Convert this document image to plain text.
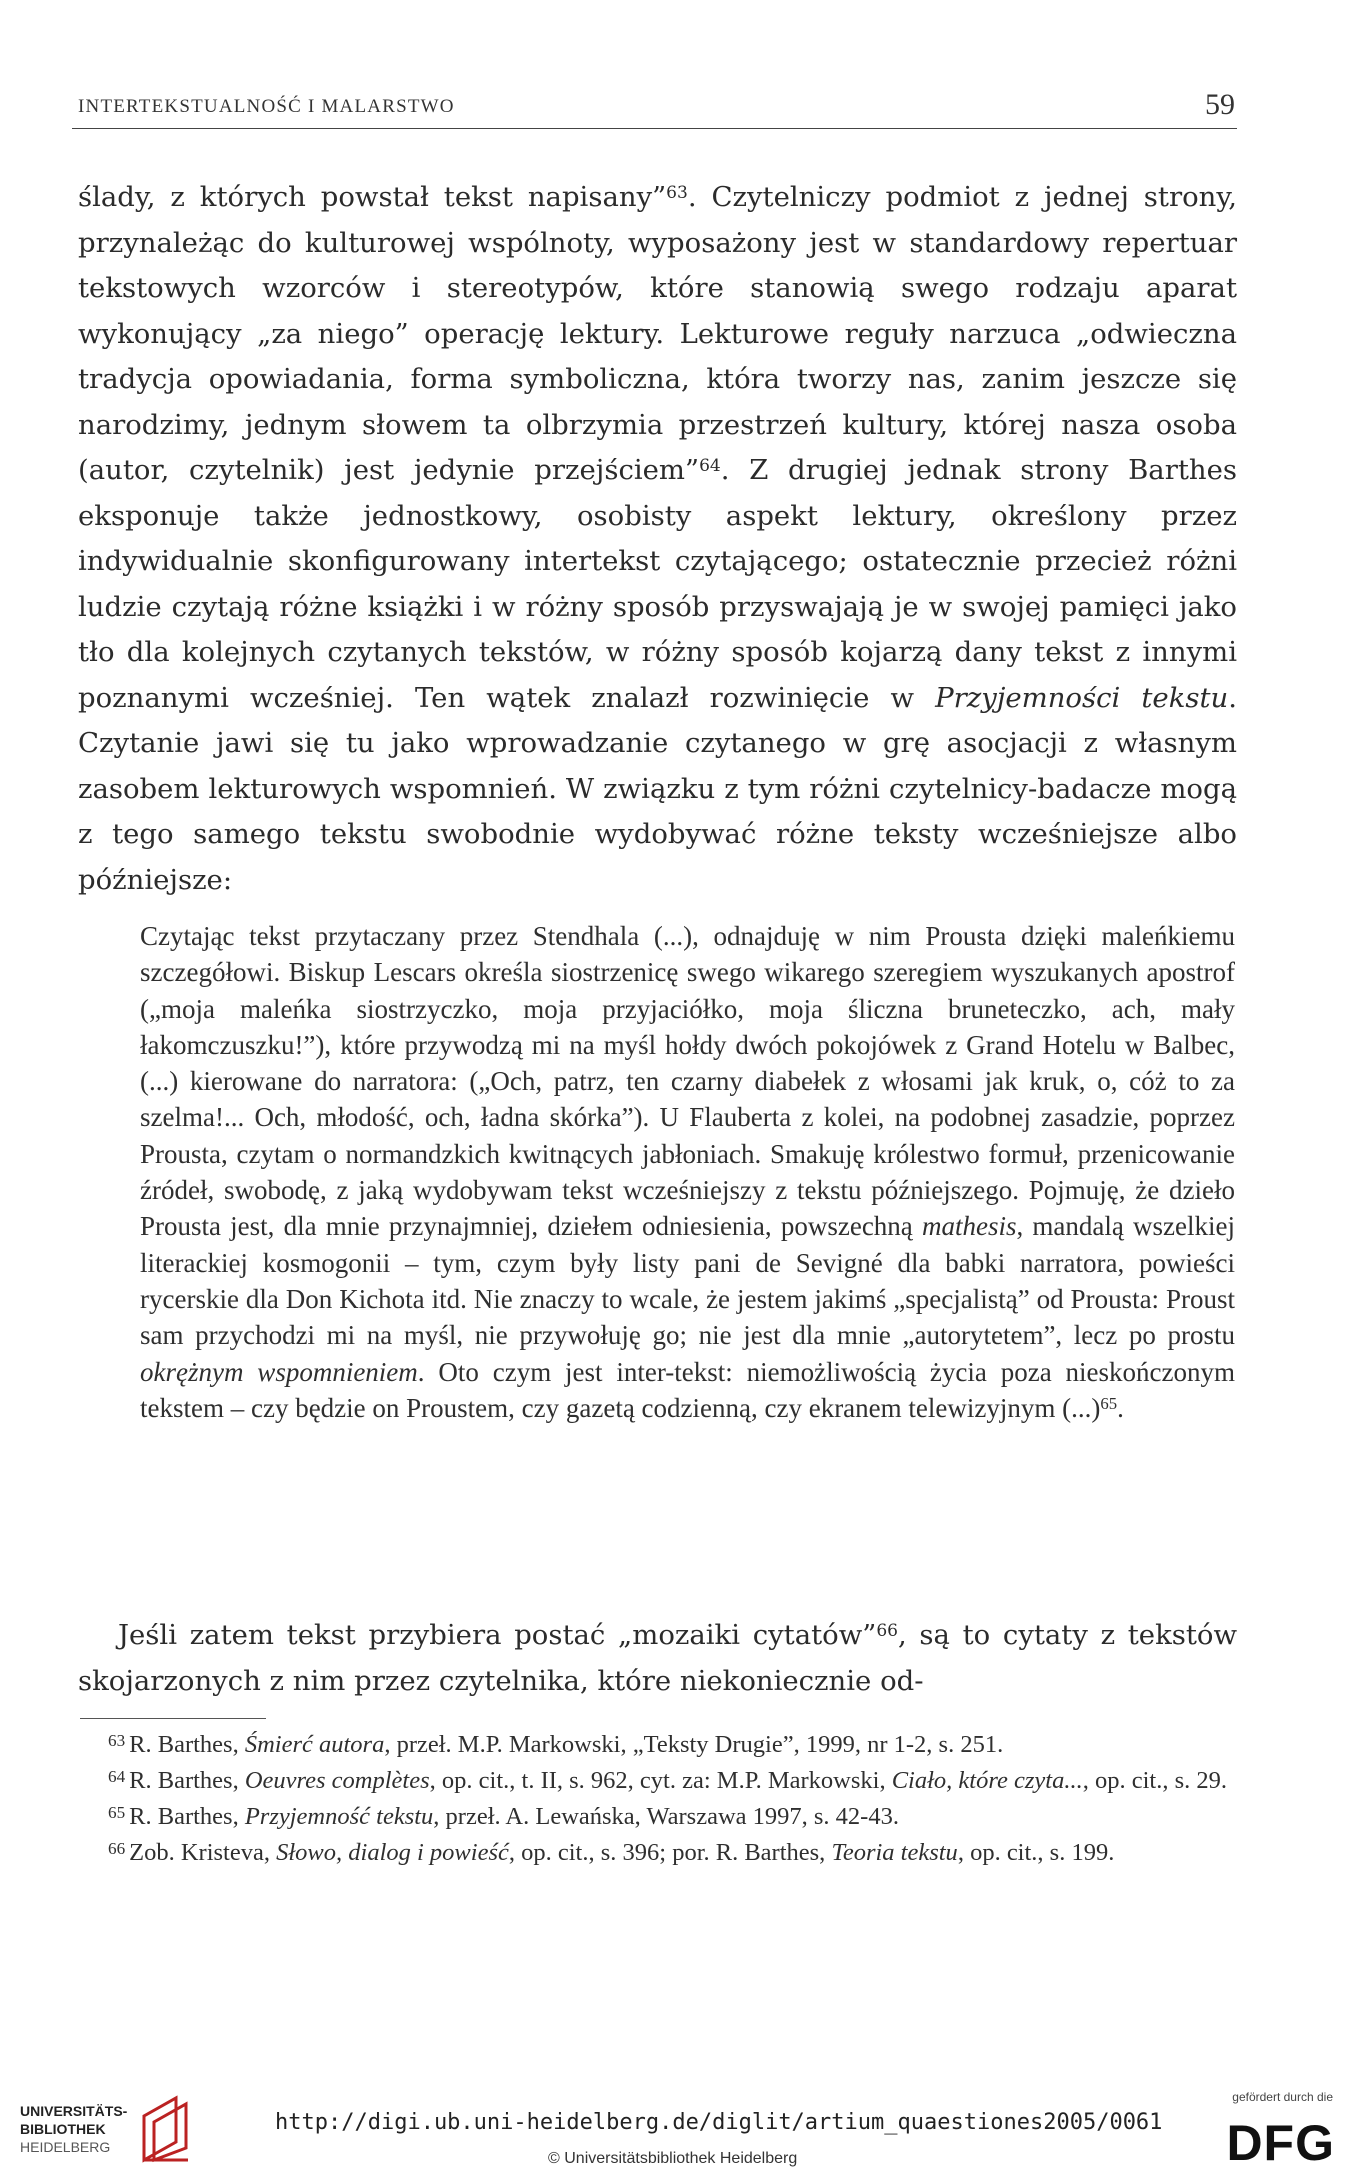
INTERTEKSTUALNOŚĆ I MALARSTWO	59

ślady, z których powstał tekst napisany”$^{63}$. Czytelniczy podmiot z jednej strony, przynależąc do kulturowej wspólnoty, wyposażony jest w standardowy repertuar tekstowych wzorców i stereotypów, które stanowią swego rodzaju aparat wykonujący „za niego” operację lektury. Lekturowe reguły narzuca „odwieczna tradycja opowiadania, forma symboliczna, która tworzy nas, zanim jeszcze się narodzimy, jednym słowem ta olbrzymia przestrzeń kultury, której nasza osoba (autor, czytelnik) jest jedynie przejściem”$^{64}$. Z drugiej jednak strony Barthes eksponuje także jednostkowy, osobisty aspekt lektury, określony przez indywidualnie skonfigurowany intertekst czytającego; ostatecznie przecież różni ludzie czytają różne książki i w różny sposób przyswajają je w swojej pamięci jako tło dla kolejnych czytanych tekstów, w różny sposób kojarzą dany tekst z innymi poznanymi wcześniej. Ten wątek znalazł rozwinięcie w Przyjemności tekstu. Czytanie jawi się tu jako wprowadzanie czytanego w grę asocjacji z własnym zasobem lekturowych wspomnień. W związku z tym różni czytelnicy-badacze mogą z tego samego tekstu swobodnie wydobywać różne teksty wcześniejsze albo późniejsze:

Czytając tekst przytaczany przez Stendhala (...), odnajduję w nim Prousta dzięki maleńkiemu szczegółowi. Biskup Lescars określa siostrzenicę swego wikarego szeregiem wyszukanych apostrof („moja maleńka siostrzyczko, moja przyjaciółko, moja śliczna bruneteczko, ach, mały łakomczuszku!”), które przywodzą mi na myśl hołdy dwóch pokojówek z Grand Hotelu w Balbec, (...) kierowane do narratora: („Och, patrz, ten czarny diabełek z włosami jak kruk, o, cóż to za szelma!... Och, młodość, och, ładna skórka”). U Flauberta z kolei, na podobnej zasadzie, poprzez Prousta, czytam o normandzkich kwitnących jabłoniach. Smakuję królestwo formuł, przenicowanie źródeł, swobodę, z jaką wydobywam tekst wcześniejszy z tekstu późniejszego. Pojmuję, że dzieło Prousta jest, dla mnie przynajmniej, dziełem odniesienia, powszechną mathesis, mandalą wszelkiej literackiej kosmogonii – tym, czym były listy pani de Sevigné dla babki narratora, powieści rycerskie dla Don Kichota itd. Nie znaczy to wcale, że jestem jakimś „specjalistą” od Prousta: Proust sam przychodzi mi na myśl, nie przywołuję go; nie jest dla mnie „autorytetem”, lecz po prostu okrężnym wspomnieniem. Oto czym jest inter-tekst: niemożliwością życia poza nieskończonym tekstem – czy będzie on Proustem, czy gazetą codzienną, czy ekranem telewizyjnym (...)$^{65}$.

Jeśli zatem tekst przybiera postać „mozaiki cytatów”$^{66}$, są to cytaty z tekstów skojarzonych z nim przez czytelnika, które niekoniecznie od-

$^{63}$ R. Barthes, Śmierć autora, przeł. M.P. Markowski, „Teksty Drugie”, 1999, nr 1-2, s. 251.

$^{64}$ R. Barthes, Oeuvres complètes, op. cit., t. II, s. 962, cyt. za: M.P. Markowski, Ciało, które czyta..., op. cit., s. 29.

$^{65}$ R. Barthes, Przyjemność tekstu, przeł. A. Lewańska, Warszawa 1997, s. 42-43.

$^{66}$ Zob. Kristeva, Słowo, dialog i powieść, op. cit., s. 396; por. R. Barthes, Teoria tekstu, op. cit., s. 199.

UNIVERSITÄTS-
BIBLIOTHEK
HEIDELBERG
http://digi.ub.uni-heidelberg.de/diglit/artium_quaestiones2005/0061
© Universitätsbibliothek Heidelberg
gefördert durch die
DFG
